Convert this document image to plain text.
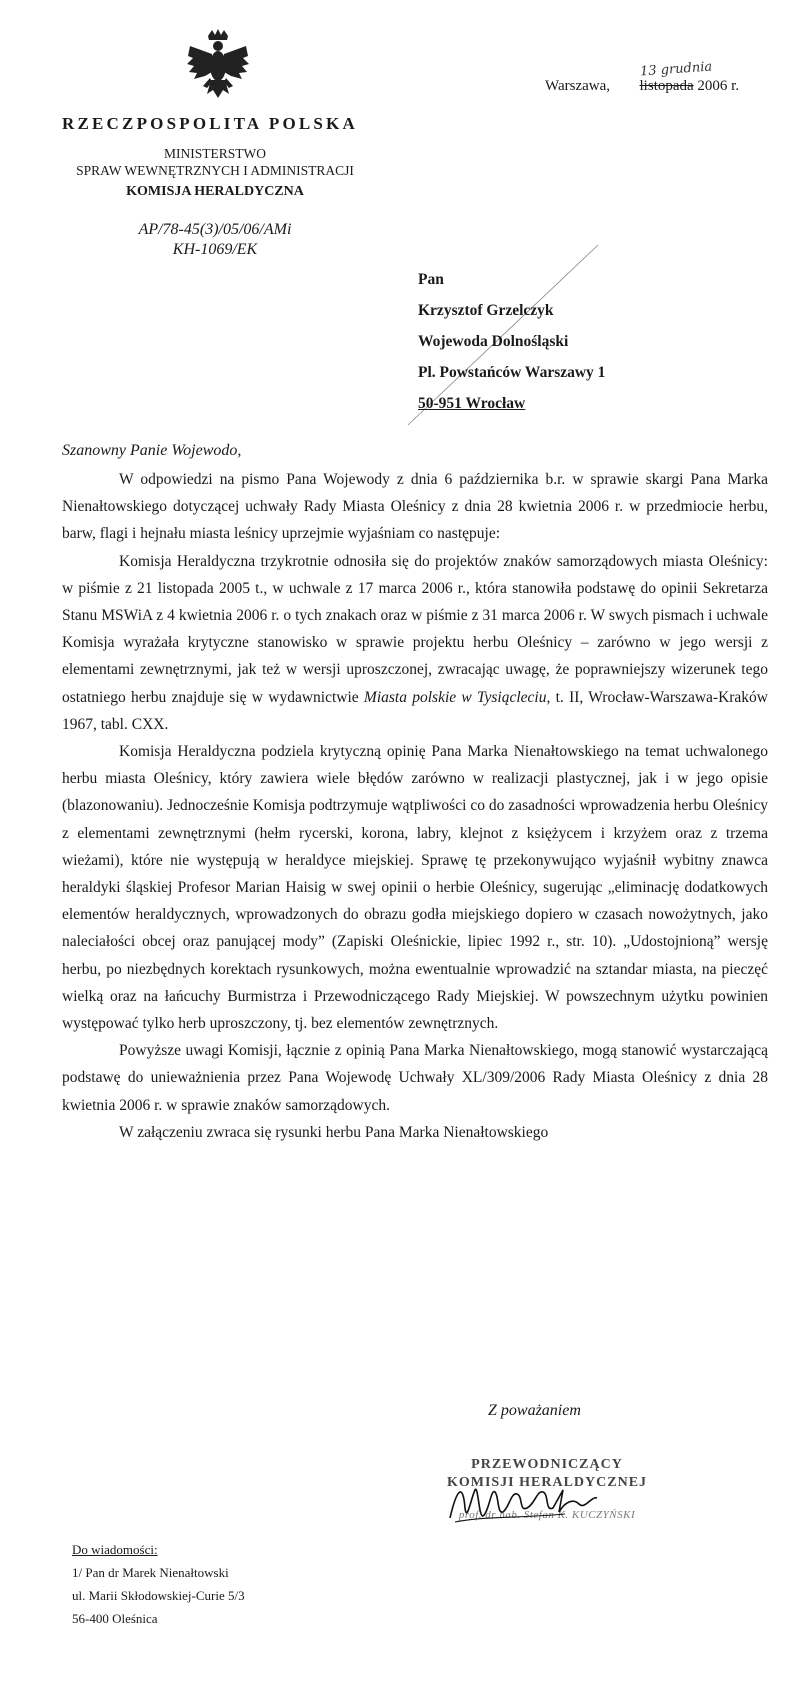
RZECZPOSPOLITA POLSKA
MINISTERSTWO
SPRAW WEWNĘTRZNYCH I ADMINISTRACJI
KOMISJA HERALDYCZNA
AP/78-45(3)/05/06/AMi
KH-1069/EK
13 grudnia
Warszawa, listopada 2006 r.
Pan
Krzysztof Grzelczyk
Wojewoda Dolnośląski
Pl. Powstańców Warszawy 1
50-951 Wrocław
Szanowny Panie Wojewodo,

W odpowiedzi na pismo Pana Wojewody z dnia 6 października b.r. w sprawie skargi Pana Marka Nienałtowskiego dotyczącej uchwały Rady Miasta Oleśnicy z dnia 28 kwietnia 2006 r. w przedmiocie herbu, barw, flagi i hejnału miasta leśnicy uprzejmie wyjaśniam co następuje:

Komisja Heraldyczna trzykrotnie odnosiła się do projektów znaków samorządowych miasta Oleśnicy: w piśmie z 21 listopada 2005 t., w uchwale z 17 marca 2006 r., która stanowiła podstawę do opinii Sekretarza Stanu MSWiA z 4 kwietnia 2006 r. o tych znakach oraz w piśmie z 31 marca 2006 r. W swych pismach i uchwale Komisja wyrażała krytyczne stanowisko w sprawie projektu herbu Oleśnicy – zarówno w jego wersji z elementami zewnętrznymi, jak też w wersji uproszczonej, zwracając uwagę, że poprawniejszy wizerunek tego ostatniego herbu znajduje się w wydawnictwie Miasta polskie w Tysiącleciu, t. II, Wrocław-Warszawa-Kraków 1967, tabl. CXX.

Komisja Heraldyczna podziela krytyczną opinię Pana Marka Nienałtowskiego na temat uchwalonego herbu miasta Oleśnicy, który zawiera wiele błędów zarówno w realizacji plastycznej, jak i w jego opisie (blazonowaniu). Jednocześnie Komisja podtrzymuje wątpliwości co do zasadności wprowadzenia herbu Oleśnicy z elementami zewnętrznymi (hełm rycerski, korona, labry, klejnot z księżycem i krzyżem oraz z trzema wieżami), które nie występują w heraldyce miejskiej. Sprawę tę przekonywująco wyjaśnił wybitny znawca heraldyki śląskiej Profesor Marian Haisig w swej opinii o herbie Oleśnicy, sugerując „eliminację dodatkowych elementów heraldycznych, wprowadzonych do obrazu godła miejskiego dopiero w czasach nowożytnych, jako naleciałości obcej oraz panującej mody” (Zapiski Oleśnickie, lipiec 1992 r., str. 10). „Udostojnioną” wersję herbu, po niezbędnych korektach rysunkowych, można ewentualnie wprowadzić na sztandar miasta, na pieczęć wielką oraz na łańcuchy Burmistrza i Przewodniczącego Rady Miejskiej. W powszechnym użytku powinien występować tylko herb uproszczony, tj. bez elementów zewnętrznych.

Powyższe uwagi Komisji, łącznie z opinią Pana Marka Nienałtowskiego, mogą stanowić wystarczającą podstawę do unieważnienia przez Pana Wojewodę Uchwały XL/309/2006 Rady Miasta Oleśnicy z dnia 28 kwietnia 2006 r. w sprawie znaków samorządowych.

W załączeniu zwraca się rysunki herbu Pana Marka Nienałtowskiego

Z poważaniem
PRZEWODNICZĄCY
KOMISJI HERALDYCZNEJ
prof. dr hab. Stefan K. KUCZYŃSKI
Do wiadomości:
1/ Pan dr Marek Nienałtowski
ul. Marii Skłodowskiej-Curie 5/3
56-400 Oleśnica
